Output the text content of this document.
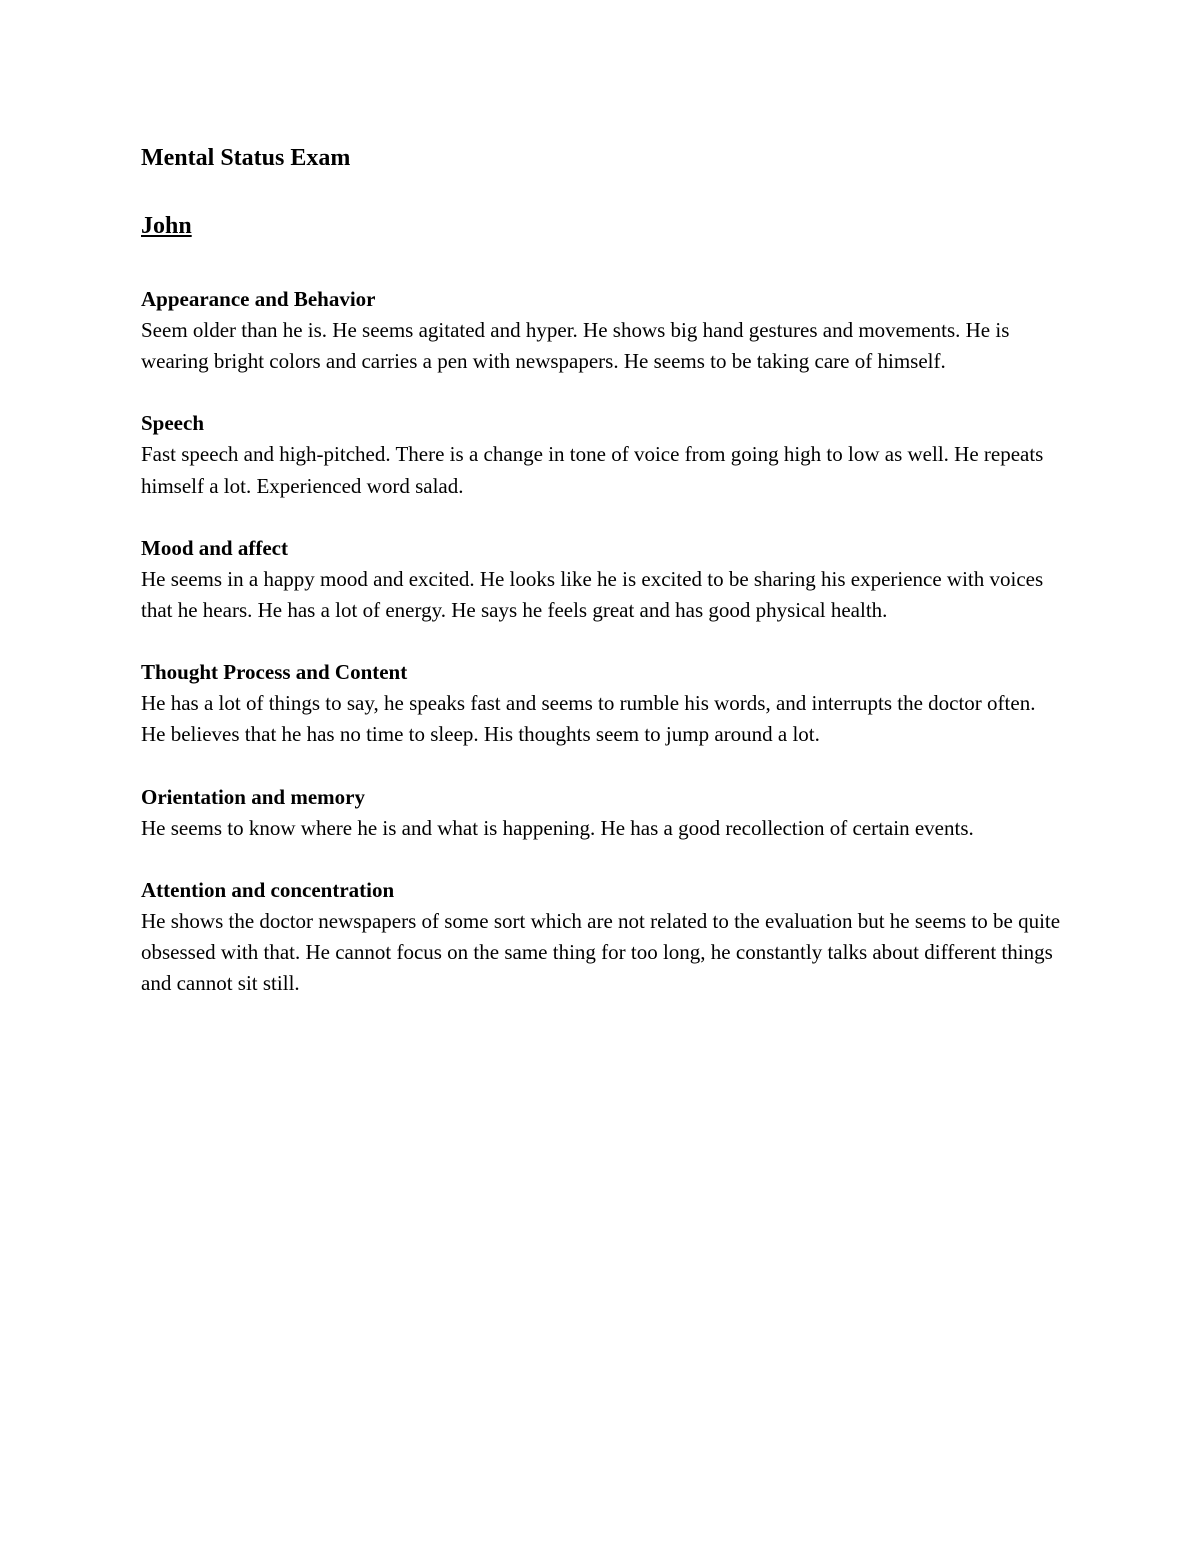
Mental Status Exam
John

Appearance and Behavior

Seem older than he is. He seems agitated and hyper. He shows big hand gestures and movements. He is wearing bright colors and carries a pen with newspapers. He seems to be taking care of himself.

Speech

Fast speech and high-pitched. There is a change in tone of voice from going high to low as well. He repeats himself a lot. Experienced word salad.

Mood and affect

He seems in a happy mood and excited. He looks like he is excited to be sharing his experience with voices that he hears. He has a lot of energy. He says he feels great and has good physical health.

Thought Process and Content

He has a lot of things to say, he speaks fast and seems to rumble his words, and interrupts the doctor often. He believes that he has no time to sleep. His thoughts seem to jump around a lot.

Orientation and memory

He seems to know where he is and what is happening. He has a good recollection of certain events.

Attention and concentration

He shows the doctor newspapers of some sort which are not related to the evaluation but he seems to be quite obsessed with that. He cannot focus on the same thing for too long, he constantly talks about different things and cannot sit still.
